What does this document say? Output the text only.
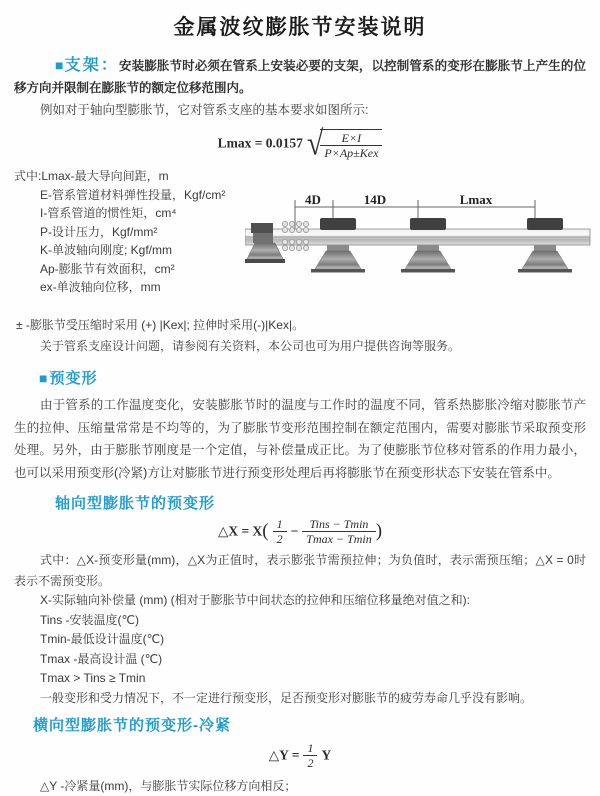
金属波纹膨胀节安装说明

■支架：安装膨胀节时必须在管系上安装必要的支架，以控制管系的变形在膨胀节上产生的位移方向并限制在膨胀节的额定位移范围内。

例如对于轴向型膨胀节，它对管系支座的基本要求如图所示:

Lmax = 0.0157 √
$\frac{E\times I}{\text{P×Ap±Kex}}$

式中:Lmax-最大导向间距，m

E-管系管道材料弹性投量，Kgf/cm²

I-管系管道的惯性矩，cm⁴

P-设计压力，Kgf/mm²

K-单波轴向刚度; Kgf/mm

Ap-膨胀节有效面积，cm²

ex-单波轴向位移，mm

4D	14D	Lmax

± -膨胀节受压缩时采用 (+) |Kex|; 拉伸时采用(-)|Kex|。

关于管系支座设计问题，请参阅有关资料，本公司也可为用户提供咨询等服务。

■预变形

由于管系的工作温度变化，安装膨胀节时的温度与工作时的温度不同，管系热膨胀冷缩对膨胀节产生的拉伸、压缩量常常是不均等的，为了膨胀节变形范围控制在额定范围内，需要对膨胀节采取预变形处理。另外，由于膨胀节刚度是一个定值，与补偿量成正比。为了使膨胀节位移对管系的作用力最小，也可以采用预变形(冷紧)方让对膨胀节进行预变形处理后再将膨胀节在预变形状态下安装在管系中。

轴向型膨胀节的预变形
△X = $X( \frac{1}{2} - \frac{\text{Tins − Tmin}}{Tmax - Tmin}$ )

式中：△X-预变形量(mm)，△X为正值时，表示膨张节需预拉伸；为负值时，表示需预压缩；△X = 0时表示不需预变形。

X-实际轴向补偿量 (mm) (相对于膨胀节中间状态的拉伸和压缩位移量绝对值之和):

Tins -安装温度(℃)

Tmin-最低设计温度(℃)

Tmax -最高设计温 (℃)

Tmax > Tins ≥ Tmin

一般变形和受力情况下，不一定进行预变形，足否预变形对膨胀节的疲劳寿命几乎没有影响。

横向型膨胀节的预变形-冷紧
△Y = $\frac{1}{2}$ Y

△Y -冷紧量(mm)，与膨胀节实际位移方向相反；
